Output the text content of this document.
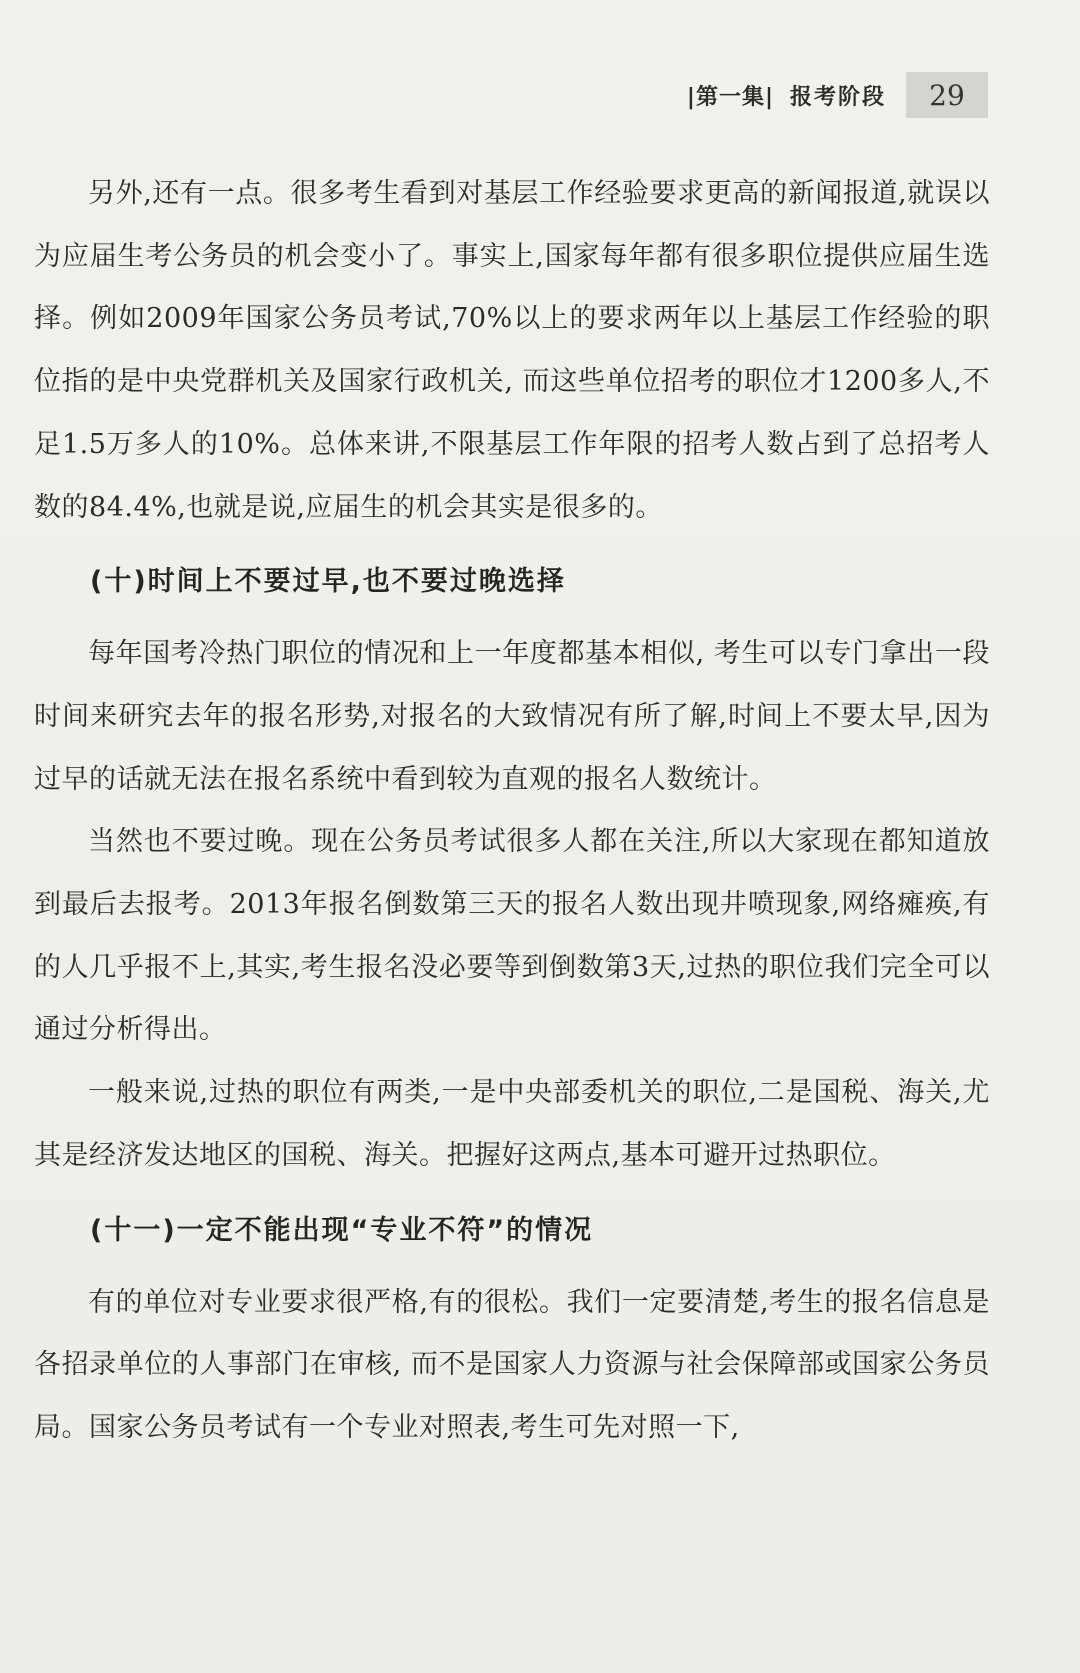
|第一集| 报考阶段	29

另外,还有一点。很多考生看到对基层工作经验要求更高的新闻报道,就误以为应届生考公务员的机会变小了。事实上,国家每年都有很多职位提供应届生选择。例如2009年国家公务员考试,70%以上的要求两年以上基层工作经验的职位指的是中央党群机关及国家行政机关, 而这些单位招考的职位才1200多人,不足1.5万多人的10%。总体来讲,不限基层工作年限的招考人数占到了总招考人数的84.4%,也就是说,应届生的机会其实是很多的。

(十)时间上不要过早,也不要过晚选择

每年国考冷热门职位的情况和上一年度都基本相似, 考生可以专门拿出一段时间来研究去年的报名形势,对报名的大致情况有所了解,时间上不要太早,因为过早的话就无法在报名系统中看到较为直观的报名人数统计。

当然也不要过晚。现在公务员考试很多人都在关注,所以大家现在都知道放到最后去报考。2013年报名倒数第三天的报名人数出现井喷现象,网络瘫痪,有的人几乎报不上,其实,考生报名没必要等到倒数第3天,过热的职位我们完全可以通过分析得出。

一般来说,过热的职位有两类,一是中央部委机关的职位,二是国税、海关,尤其是经济发达地区的国税、海关。把握好这两点,基本可避开过热职位。

(十一)一定不能出现“专业不符”的情况

有的单位对专业要求很严格,有的很松。我们一定要清楚,考生的报名信息是各招录单位的人事部门在审核, 而不是国家人力资源与社会保障部或国家公务员局。国家公务员考试有一个专业对照表,考生可先对照一下,
